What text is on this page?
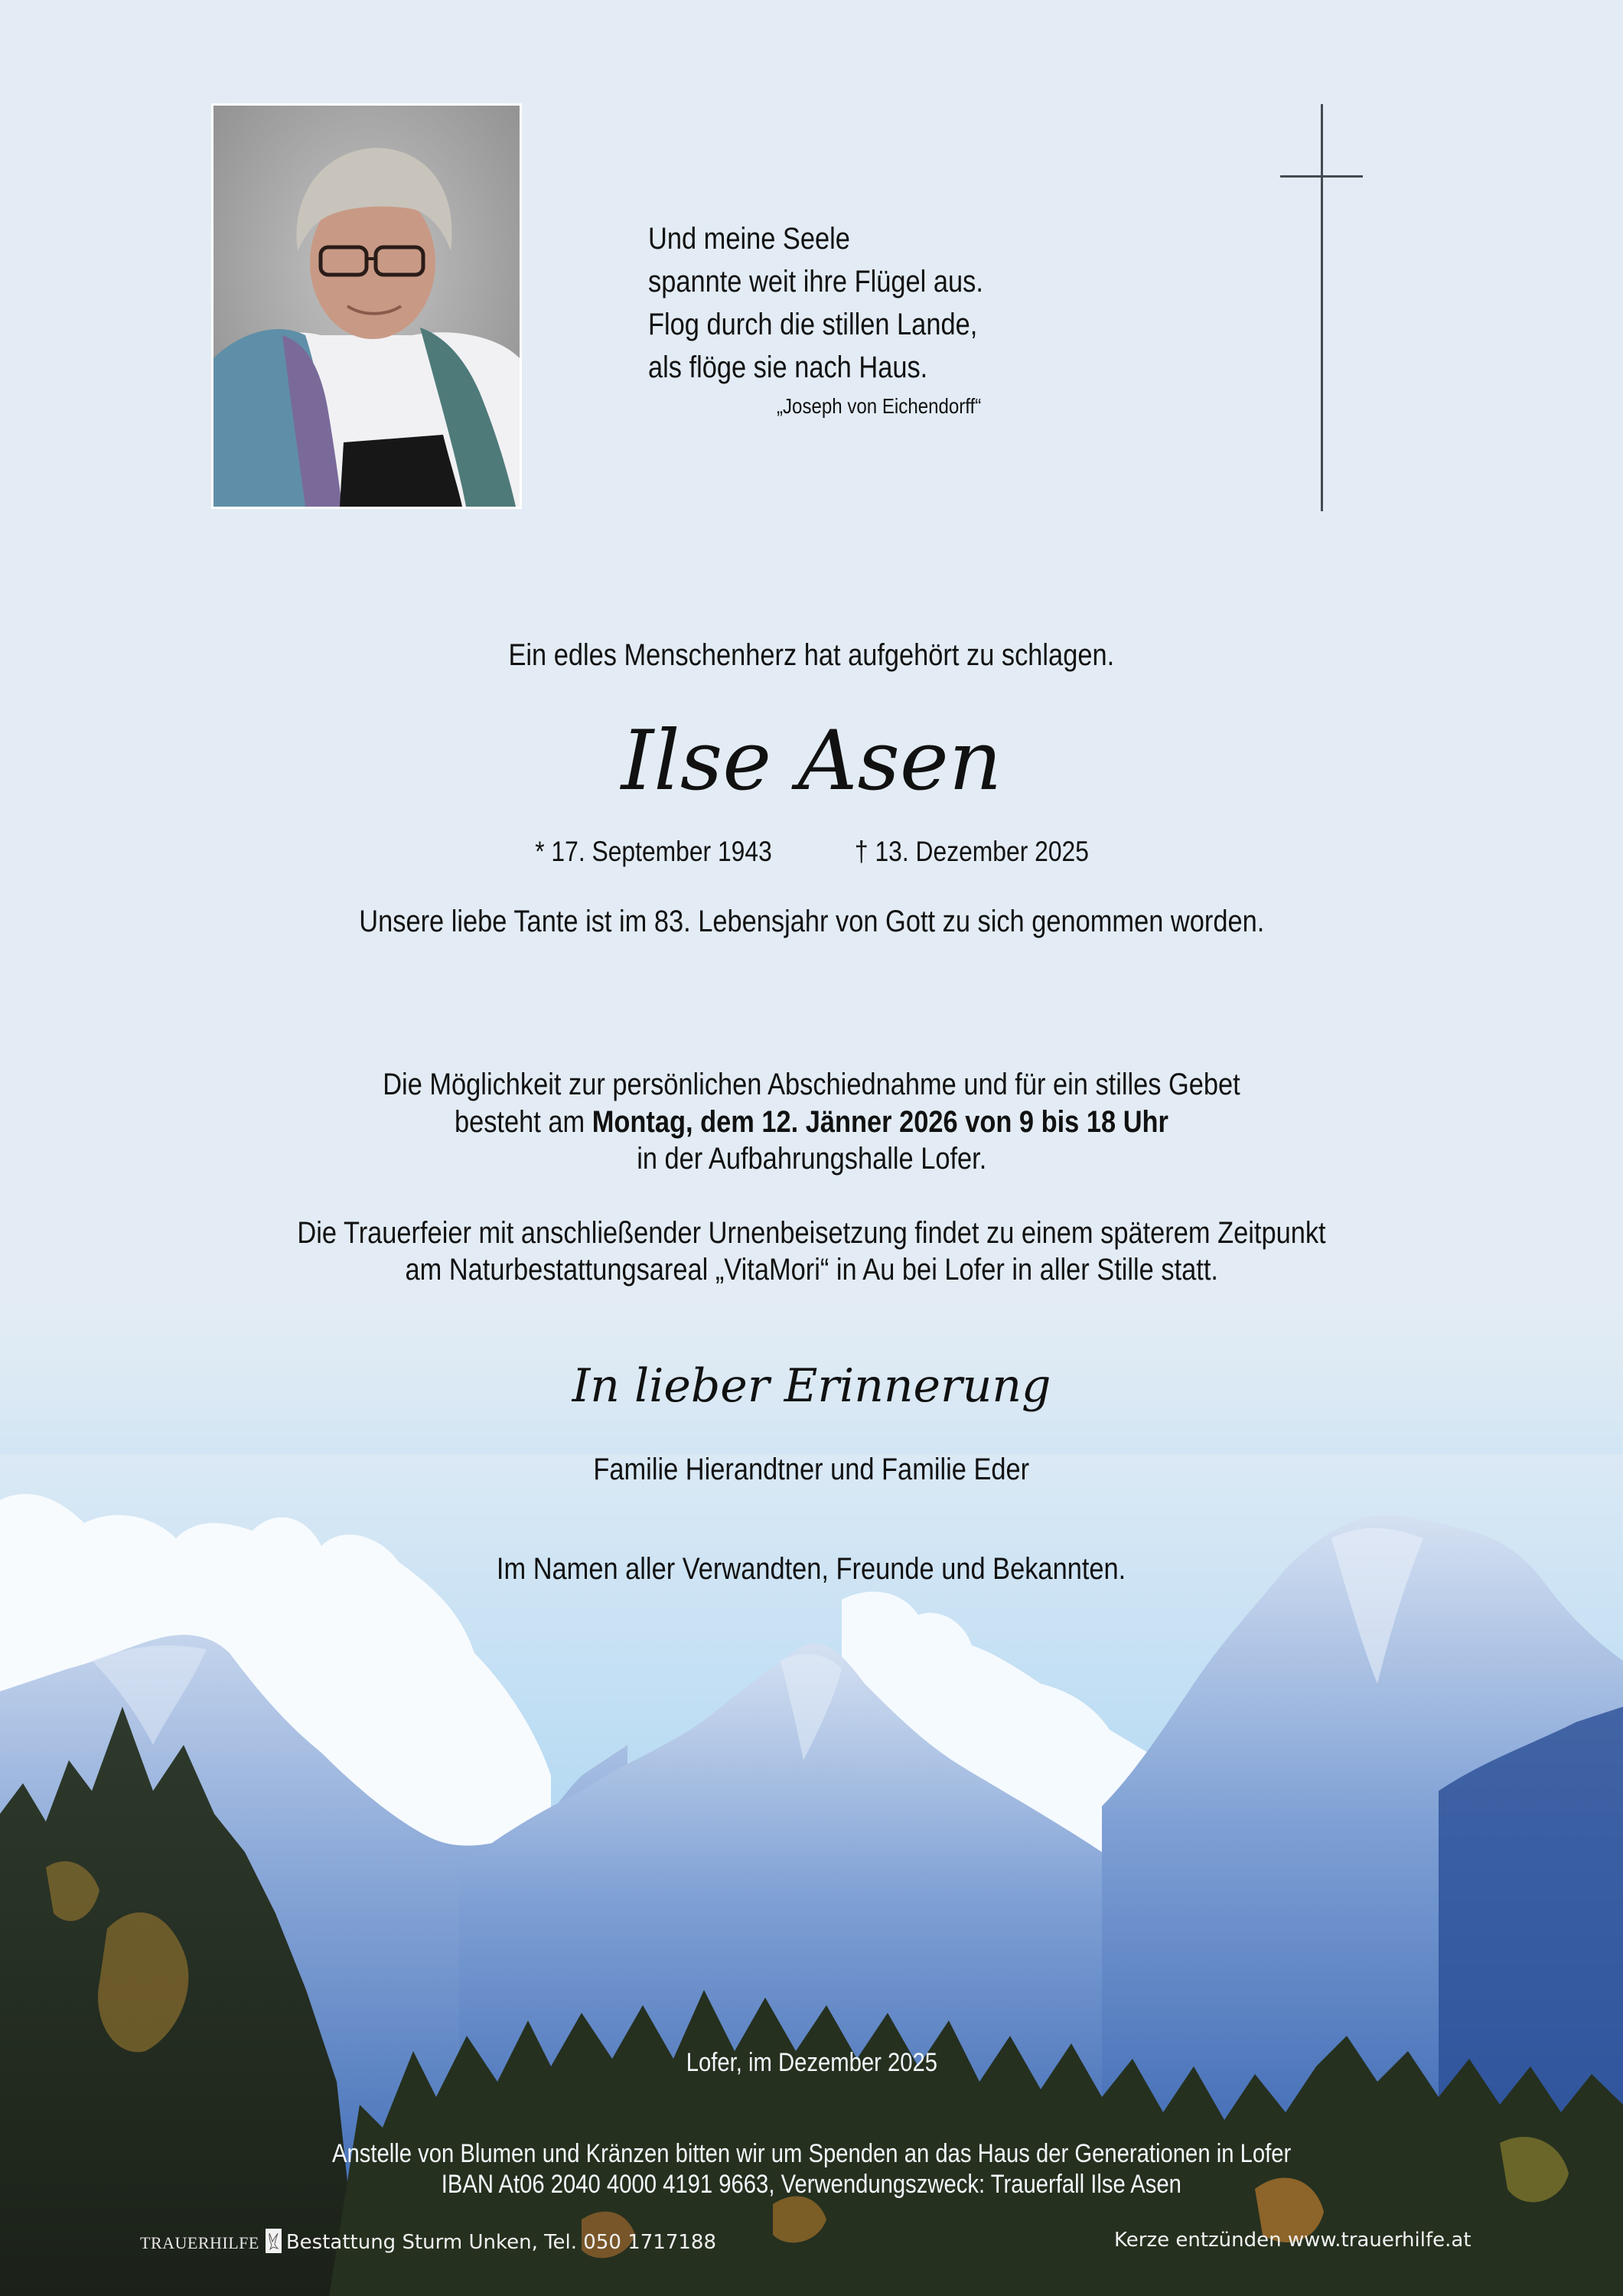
Und meine Seele
spannte weit ihre Flügel aus.
Flog durch die stillen Lande,
als flöge sie nach Haus.
„Joseph von Eichendorff“
Ein edles Menschenherz hat aufgehört zu schlagen.
Ilse Asen
* 17. September 1943	† 13. Dezember 2025
Unsere liebe Tante ist im 83. Lebensjahr von Gott zu sich genommen worden.
Die Möglichkeit zur persönlichen Abschiednahme und für ein stilles Gebet
besteht am Montag, dem 12. Jänner 2026 von 9 bis 18 Uhr
in der Aufbahrungshalle Lofer.
Die Trauerfeier mit anschließender Urnenbeisetzung findet zu einem späterem Zeitpunkt
am Naturbestattungsareal „VitaMori“ in Au bei Lofer in aller Stille statt.
In lieber Erinnerung
Familie Hierandtner und Familie Eder
Im Namen aller Verwandten, Freunde und Bekannten.
Lofer, im Dezember 2025
Anstelle von Blumen und Kränzen bitten wir um Spenden an das Haus der Generationen in Lofer
IBAN At06 2040 4000 4191 9663, Verwendungszweck: Trauerfall Ilse Asen
TRAUERHILFE Bestattung Sturm Unken, Tel. 050 1717188	Kerze entzünden www.trauerhilfe.at
